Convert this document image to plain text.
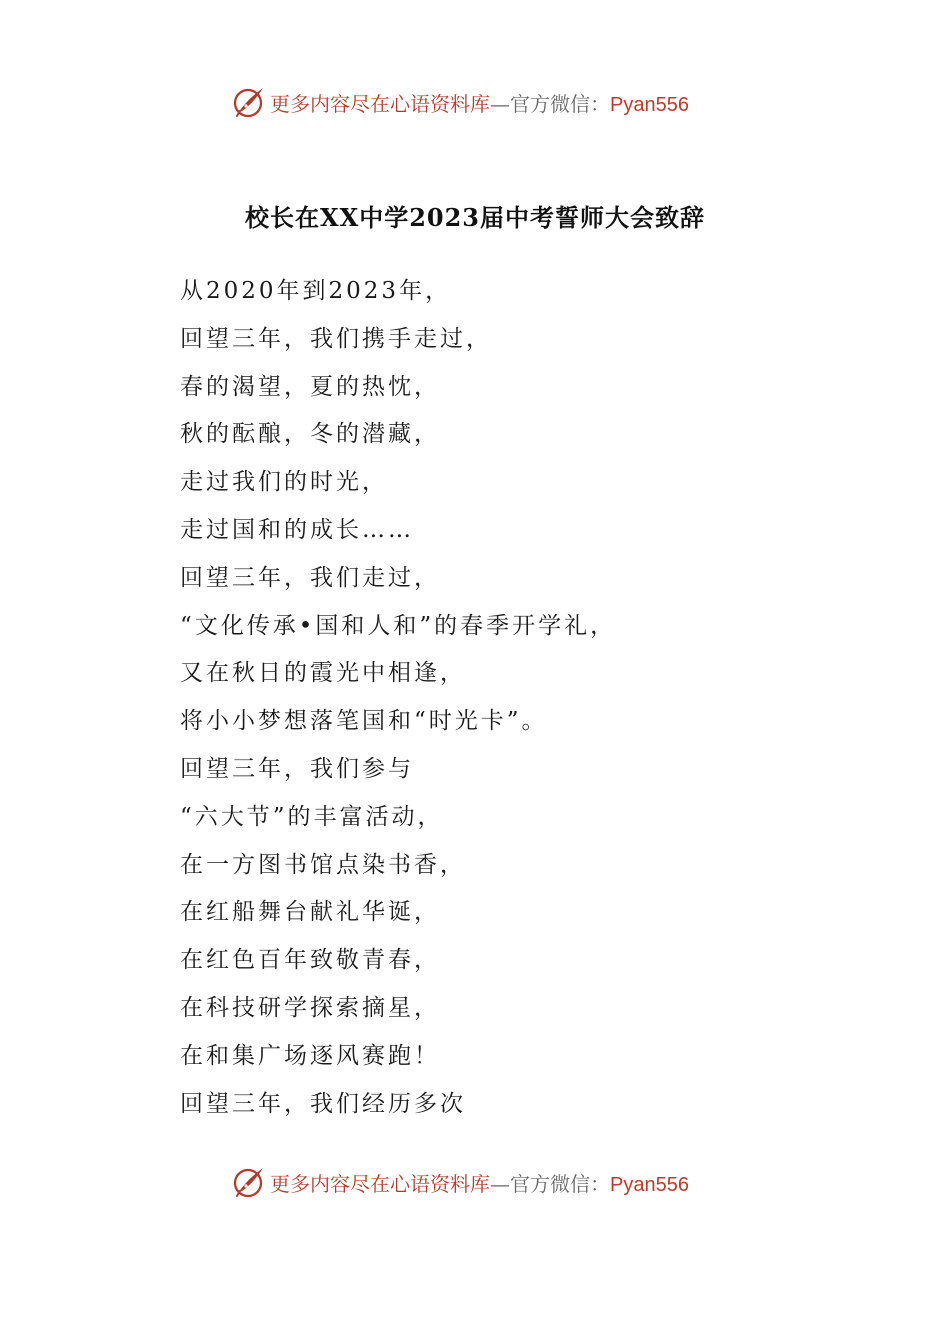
更多内容尽在心语资料库—官方微信：Pyan556
校长在XX中学2023届中考誓师大会致辞
从2020年到2023年，
回望三年，我们携手走过，
春的渴望，夏的热忱，
秋的酝酿，冬的潜藏，
走过我们的时光，
走过国和的成长……
回望三年，我们走过，
“文化传承•国和人和”的春季开学礼，
又在秋日的霞光中相逢，
将小小梦想落笔国和“时光卡”。
回望三年，我们参与
“六大节”的丰富活动，
在一方图书馆点染书香，
在红船舞台献礼华诞，
在红色百年致敬青春，
在科技研学探索摘星，
在和集广场逐风赛跑！
回望三年，我们经历多次
更多内容尽在心语资料库—官方微信：Pyan556
